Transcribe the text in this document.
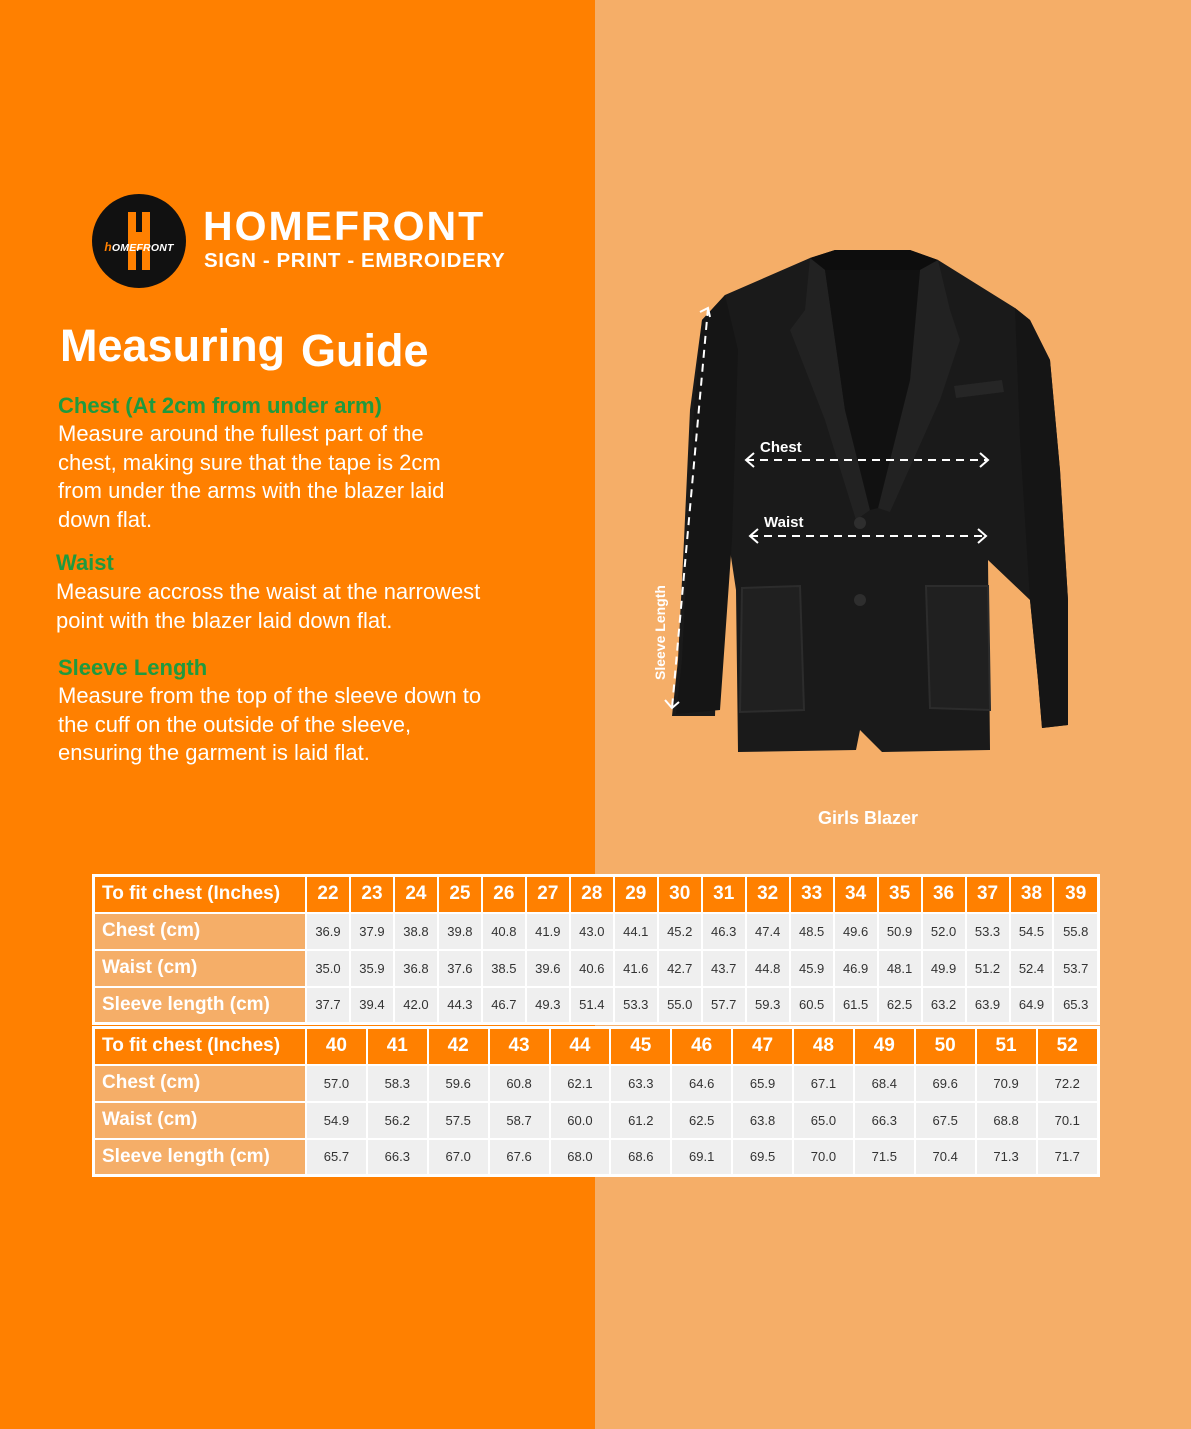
hOMEFRONT HOMEFRONT
SIGN - PRINT - EMBROIDERY
Measuring Guide
Chest (At 2cm from under arm)
Measure around the fullest part of the
chest, making sure that the tape is 2cm
from under the arms with the blazer laid
down flat.
Waist
Measure accross the waist at the narrowest
point with the blazer laid down flat.
Sleeve Length
Measure from the top of the sleeve down to
the cuff on the outside of the sleeve,
ensuring the garment is laid flat.
Chest
Waist
Sleeve Length
Girls Blazer
To fit chest (Inches)	22	23	24	25	26	27	28	29	30	31	32	33	34	35	36	37	38	39
Chest (cm)	36.9	37.9	38.8	39.8	40.8	41.9	43.0	44.1	45.2	46.3	47.4	48.5	49.6	50.9	52.0	53.3	54.5	55.8
Waist (cm)	35.0	35.9	36.8	37.6	38.5	39.6	40.6	41.6	42.7	43.7	44.8	45.9	46.9	48.1	49.9	51.2	52.4	53.7
Sleeve length (cm)	37.7	39.4	42.0	44.3	46.7	49.3	51.4	53.3	55.0	57.7	59.3	60.5	61.5	62.5	63.2	63.9	64.9	65.3
To fit chest (Inches)	40	41	42	43	44	45	46	47	48	49	50	51	52
Chest (cm)	57.0	58.3	59.6	60.8	62.1	63.3	64.6	65.9	67.1	68.4	69.6	70.9	72.2
Waist (cm)	54.9	56.2	57.5	58.7	60.0	61.2	62.5	63.8	65.0	66.3	67.5	68.8	70.1
Sleeve length (cm)	65.7	66.3	67.0	67.6	68.0	68.6	69.1	69.5	70.0	71.5	70.4	71.3	71.7
